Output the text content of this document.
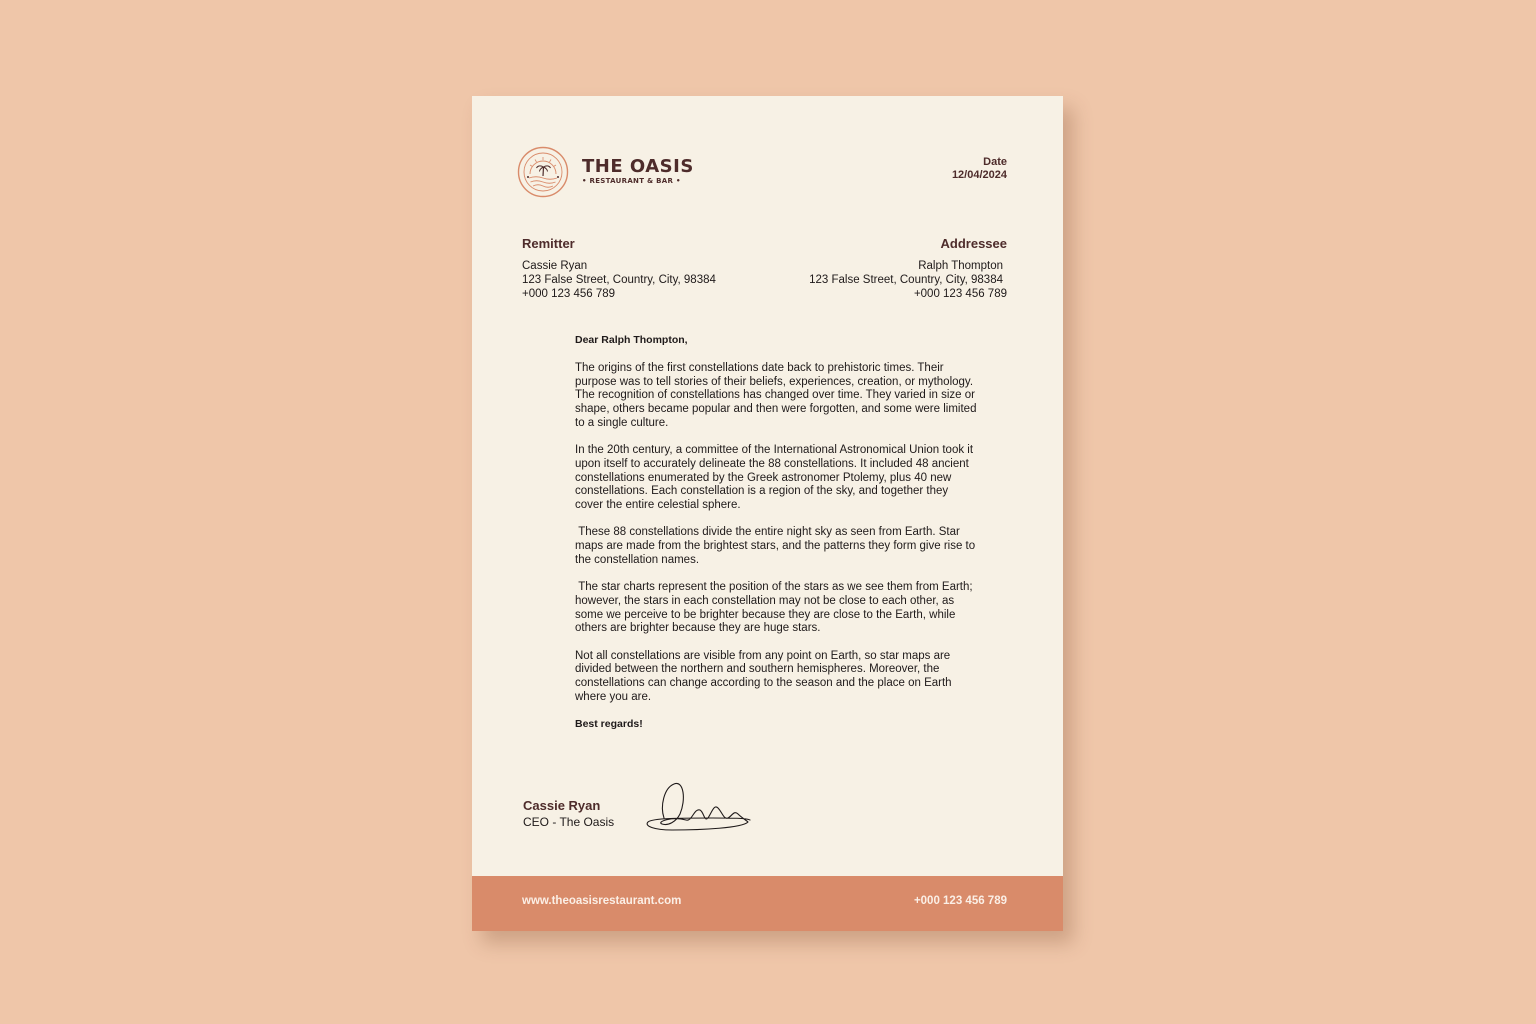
THE OASIS
• RESTAURANT & BAR •
Date
12/04/2024
Remitter
Cassie Ryan
123 False Street, Country, City, 98384
+000 123 456 789
Addressee
Ralph Thompton
123 False Street, Country, City, 98384
+000 123 456 789
Dear Ralph Thompton,

The origins of the first constellations date back to prehistoric times. Their purpose was to tell stories of their beliefs, experiences, creation, or mythology. The recognition of constellations has changed over time. They varied in size or shape, others became popular and then were forgotten, and some were limited to a single culture.

In the 20th century, a committee of the International Astronomical Union took it upon itself to accurately delineate the 88 constellations. It included 48 ancient constellations enumerated by the Greek astronomer Ptolemy, plus 40 new constellations. Each constellation is a region of the sky, and together they cover the entire celestial sphere.

These 88 constellations divide the entire night sky as seen from Earth. Star maps are made from the brightest stars, and the patterns they form give rise to the constellation names.

The star charts represent the position of the stars as we see them from Earth; however, the stars in each constellation may not be close to each other, as some we perceive to be brighter because they are close to the Earth, while others are brighter because they are huge stars.

Not all constellations are visible from any point on Earth, so star maps are divided between the northern and southern hemispheres. Moreover, the constellations can change according to the season and the place on Earth where you are.

Best regards!
Cassie Ryan
CEO - The Oasis
www.theoasisrestaurant.com	+000 123 456 789
